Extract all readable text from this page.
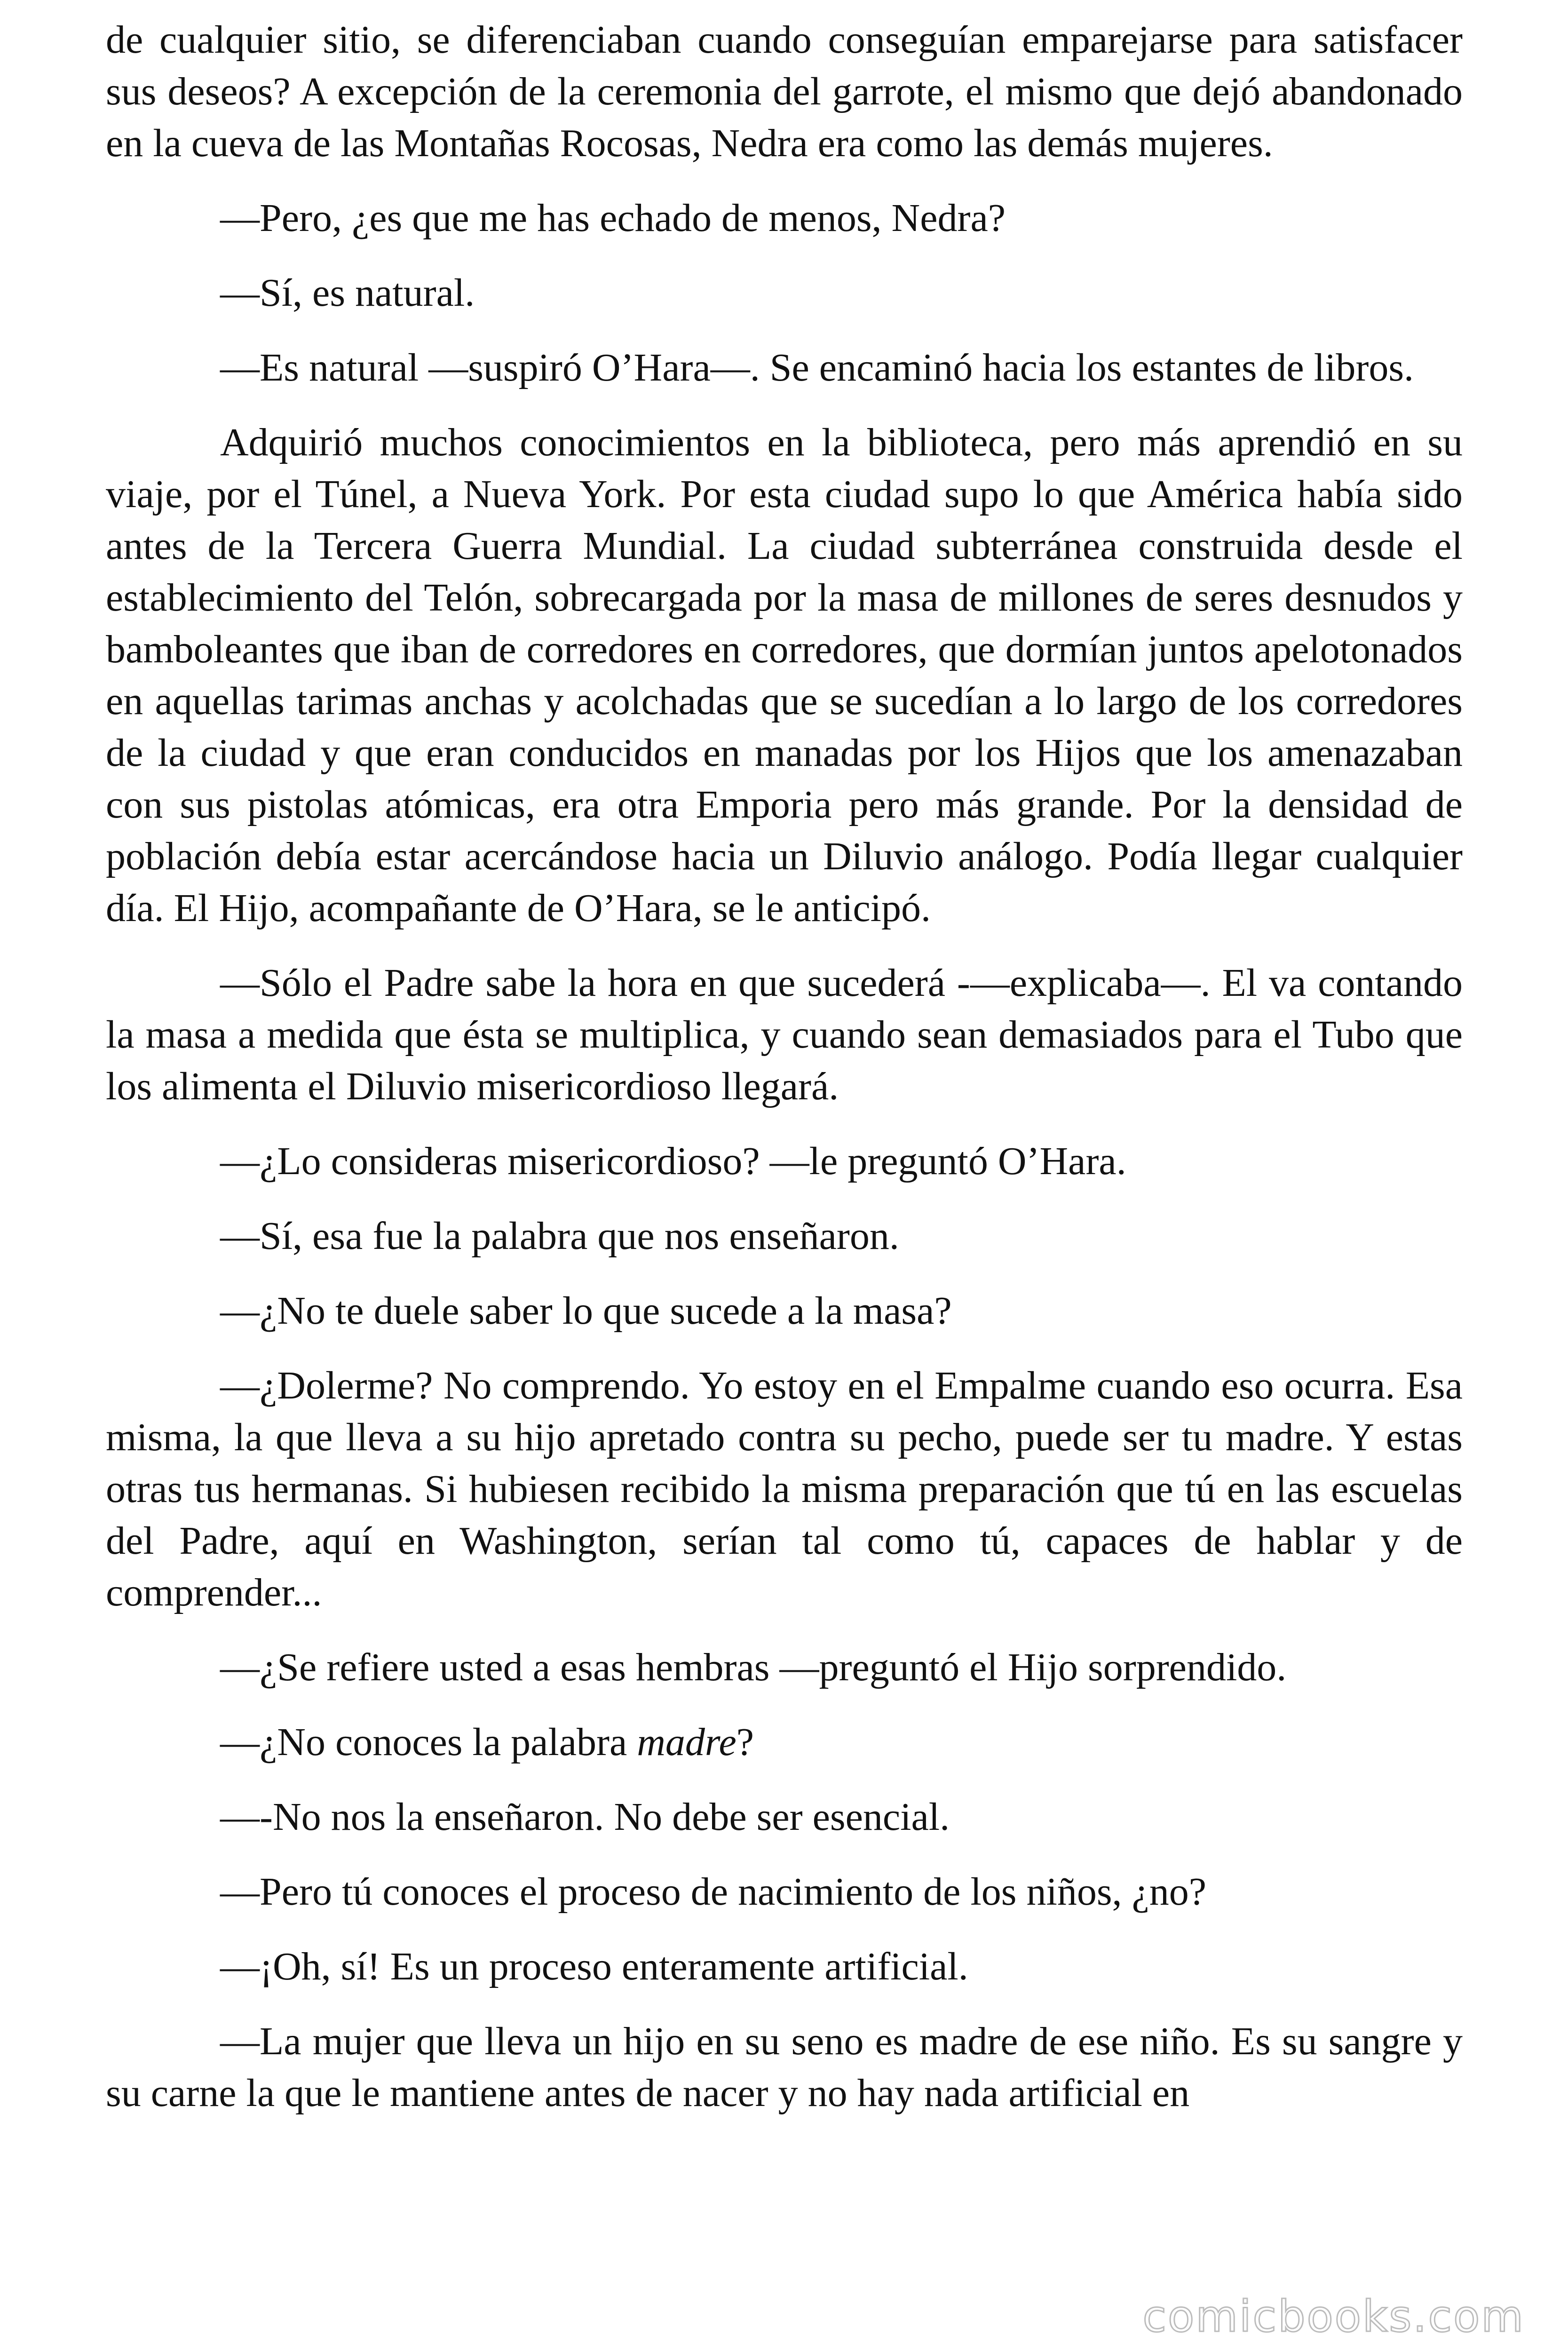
de cualquier sitio, se diferenciaban cuando conseguían emparejarse para satisfacer sus deseos? A excepción de la ceremonia del garrote, el mismo que dejó abandonado en la cueva de las Montañas Rocosas, Nedra era como las demás mujeres.

—Pero, ¿es que me has echado de menos, Nedra?

—Sí, es natural.

—Es natural —suspiró O’Hara—. Se encaminó hacia los estantes de libros.

Adquirió muchos conocimientos en la biblioteca, pero más aprendió en su viaje, por el Túnel, a Nueva York. Por esta ciudad supo lo que América había sido antes de la Tercera Guerra Mundial. La ciudad subterránea construida desde el establecimiento del Telón, sobrecargada por la masa de millones de seres desnudos y bamboleantes que iban de corredores en corredores, que dormían juntos apelotonados en aquellas tarimas anchas y acolchadas que se sucedían a lo largo de los corredores de la ciudad y que eran conducidos en manadas por los Hijos que los amenazaban con sus pistolas atómicas, era otra Emporia pero más grande. Por la densidad de población debía estar acercándose hacia un Diluvio análogo. Podía llegar cualquier día. El Hijo, acompañante de O’Hara, se le anticipó.

—Sólo el Padre sabe la hora en que sucederá -—explicaba—. El va contando la masa a medida que ésta se multiplica, y cuando sean demasiados para el Tubo que los alimenta el Diluvio misericordioso llegará.

—¿Lo consideras misericordioso? —le preguntó O’Hara.

—Sí, esa fue la palabra que nos enseñaron.

—¿No te duele saber lo que sucede a la masa?

—¿Dolerme? No comprendo. Yo estoy en el Empalme cuando eso ocurra. Esa misma, la que lleva a su hijo apretado contra su pecho, puede ser tu madre. Y estas otras tus hermanas. Si hubiesen recibido la misma preparación que tú en las escuelas del Padre, aquí en Washington, serían tal como tú, capaces de hablar y de comprender...

—¿Se refiere usted a esas hembras —preguntó el Hijo sorprendido.

—¿No conoces la palabra madre?

—-No nos la enseñaron. No debe ser esencial.

—Pero tú conoces el proceso de nacimiento de los niños, ¿no?

—¡Oh, sí! Es un proceso enteramente artificial.

—La mujer que lleva un hijo en su seno es madre de ese niño. Es su sangre y su carne la que le mantiene antes de nacer y no hay nada artificial en

comicbooks.com
